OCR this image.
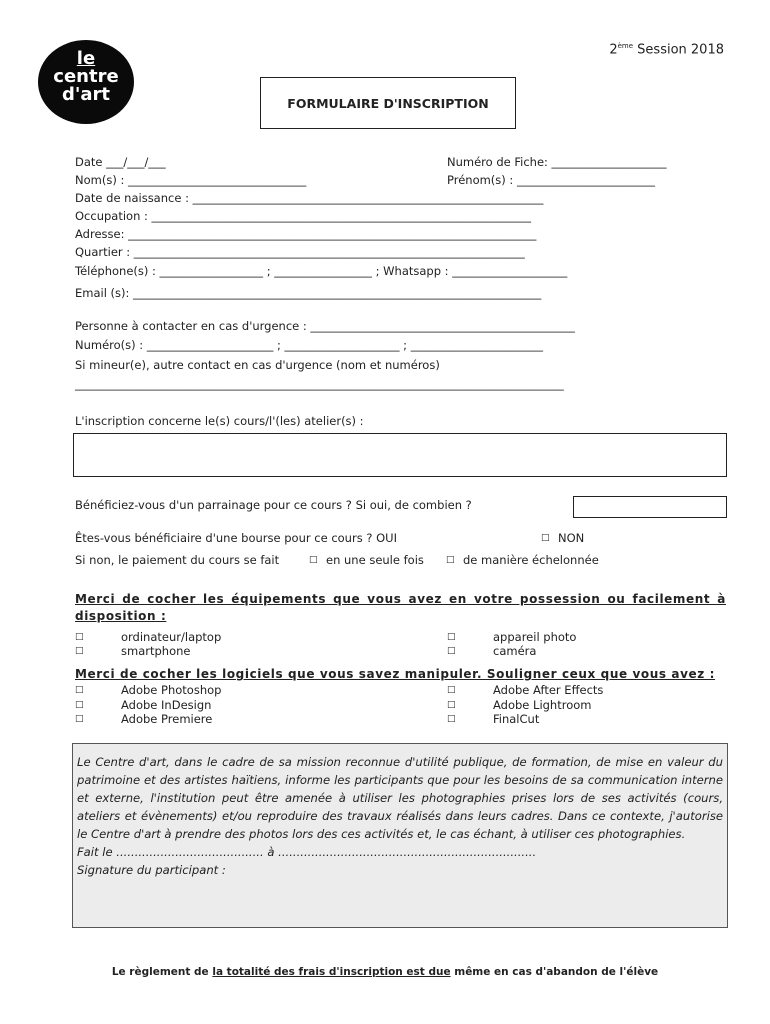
le
centre
d'art
2ème Session 2018
FORMULAIRE D'INSCRIPTION
Date ___/___/___	Numéro de Fiche: ____________________
Nom(s) : _______________________________	Prénom(s) : ________________________
Date de naissance : _____________________________________________________________
Occupation : __________________________________________________________________
Adresse: _______________________________________________________________________
Quartier : ____________________________________________________________________
Téléphone(s) : __________________ ; _________________ ; Whatsapp : ____________________
Email (s): _______________________________________________________________________
Personne à contacter en cas d'urgence : ______________________________________________
Numéro(s) : ______________________ ; ____________________ ; _______________________
Si mineur(e), autre contact en cas d'urgence (nom et numéros)
_____________________________________________________________________________________
L'inscription concerne le(s) cours/l'(les) atelier(s) :
Bénéficiez-vous d'un parrainage pour ce cours ? Si oui, de combien ?
Êtes-vous bénéficiaire d'une bourse pour ce cours ? OUI	□ NON
Si non, le paiement du cours se fait	□ en une seule fois □ de manière échelonnée
Merci de cocher les équipements que vous avez en votre possession ou facilement à disposition :
□	ordinateur/laptop
□	smartphone
□	appareil photo
□	caméra
Merci de cocher les logiciels que vous savez manipuler. Souligner ceux que vous avez :
□	Adobe Photoshop
□	Adobe InDesign
□	Adobe Premiere
□	Adobe After Effects
□	Adobe Lightroom
□	FinalCut

Le Centre d'art, dans le cadre de sa mission reconnue d'utilité publique, de formation, de mise en valeur du patrimoine et des artistes haïtiens, informe les participants que pour les besoins de sa communication interne et externe, l'institution peut être amenée à utiliser les photographies prises lors de ses activités (cours, ateliers et évènements) et/ou reproduire des travaux réalisés dans leurs cadres. Dans ce contexte, j'autorise le Centre d'art à prendre des photos lors des ces activités et, le cas échant, à utiliser ces photographies.

Fait le ........................................ à ......................................................................

Signature du participant :

Le règlement de la totalité des frais d'inscription est due même en cas d'abandon de l'élève
